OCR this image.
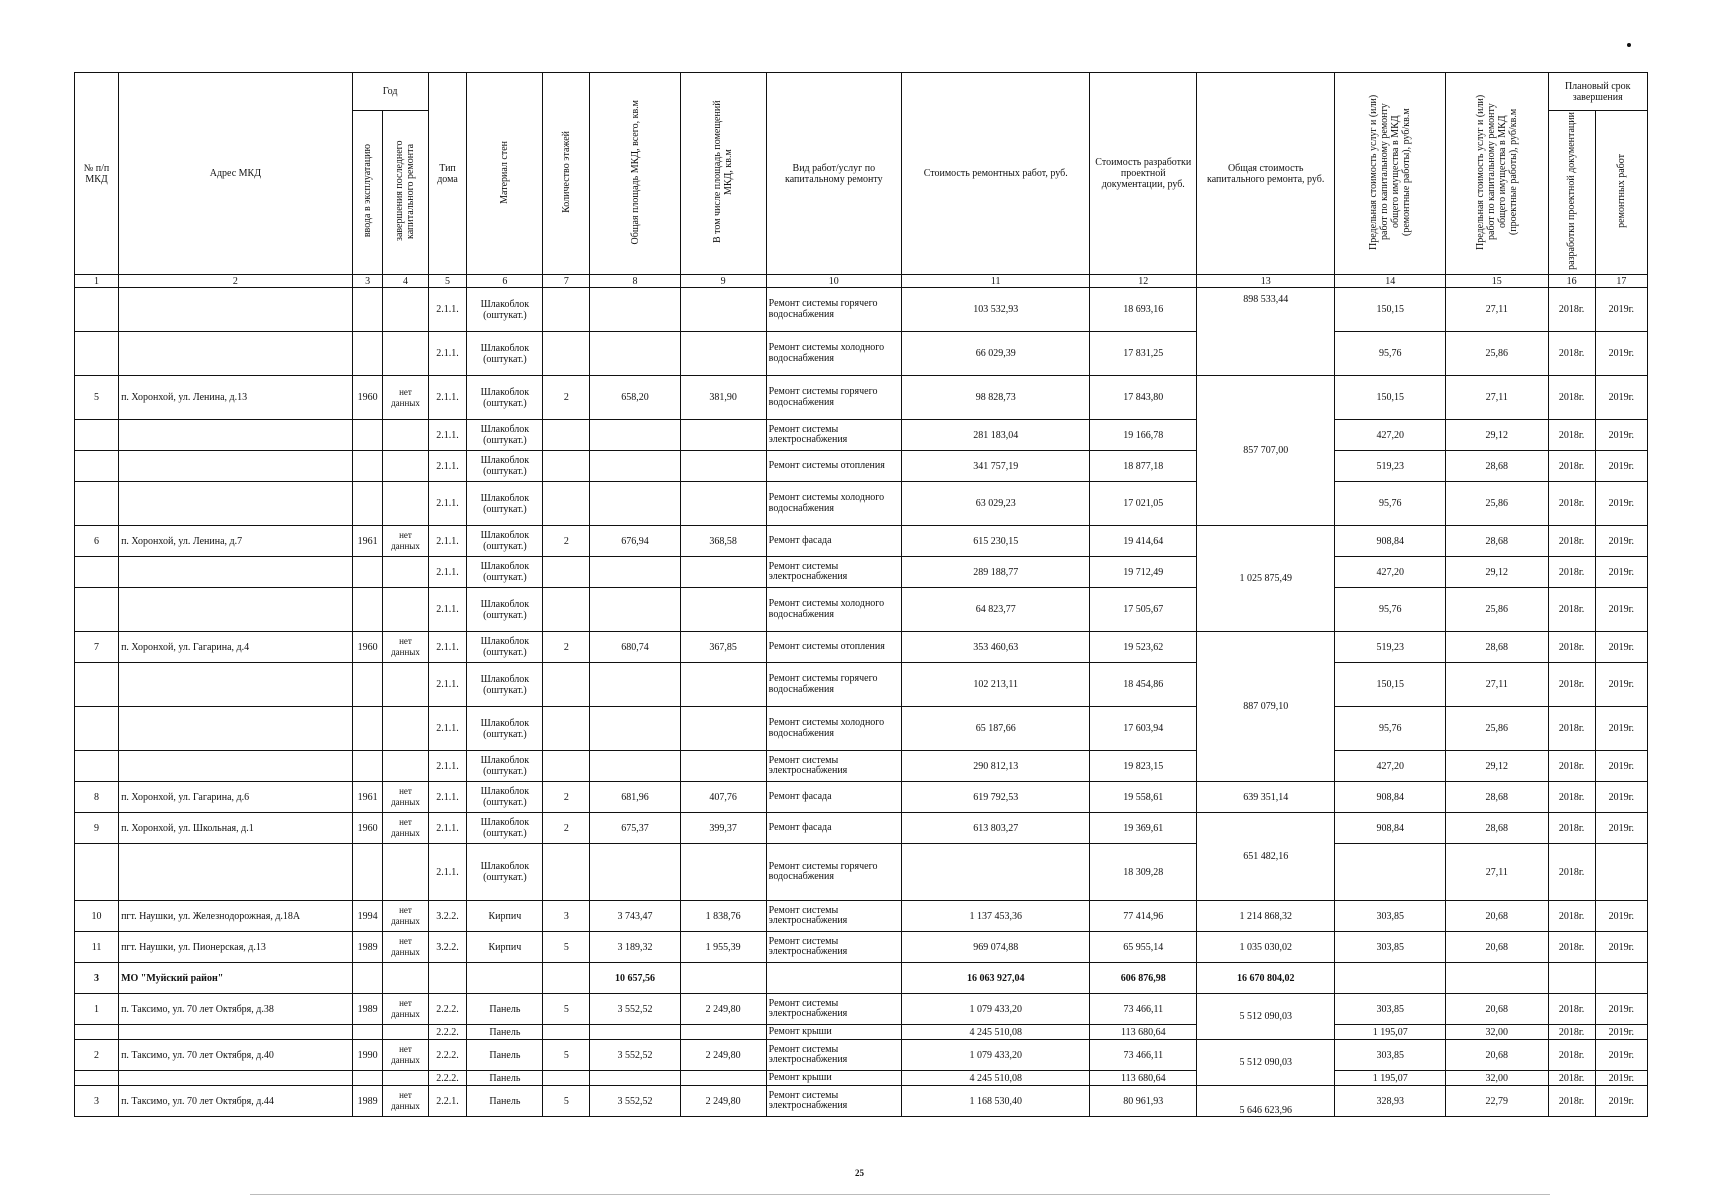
№ п/п МКД	Адрес МКД	Год		Тип дома	Материал стен	Количество этажей	Общая площадь МКД, всего, кв.м	В том числе площадь помещений МКД, кв.м	Вид работ/услуг по капитальному ремонту	Стоимость ремонтных работ, руб.	Стоимость разработки проектной документации, руб.	Общая стоимость капитального ремонта, руб.	Предельная стоимость услуг и (или) работ по капитальному ремонту общего имущества в МКД (ремонтные работы), руб/кв.м	Предельная стоимость услуг и (или) работ по капитальному ремонту общего имущества в МКД (проектные работы), руб/кв.м	Плановый срок завершения	
		ввода в эксплуатацию	завершения последнего капитального ремонта												разработки проектной документации	ремонтных работ
1	2	3	4	5	6	7	8	9	10	11	12	13	14	15	16	17
				2.1.1.	Шлакоблок (оштукат.)				Ремонт системы горячего водоснабжения	103 532,93	18 693,16	898 533,44	150,15	27,11	2018г.	2019г.
				2.1.1.	Шлакоблок (оштукат.)				Ремонт системы холодного водоснабжения	66 029,39	17 831,25		95,76	25,86	2018г.	2019г.
5	п. Хоронхой, ул. Ленина, д.13	1960	нет данных	2.1.1.	Шлакоблок (оштукат.)	2	658,20	381,90	Ремонт системы горячего водоснабжения	98 828,73	17 843,80	857 707,00	150,15	27,11	2018г.	2019г.
				2.1.1.	Шлакоблок (оштукат.)				Ремонт системы электроснабжения	281 183,04	19 166,78		427,20	29,12	2018г.	2019г.
				2.1.1.	Шлакоблок (оштукат.)				Ремонт системы отопления	341 757,19	18 877,18		519,23	28,68	2018г.	2019г.
				2.1.1.	Шлакоблок (оштукат.)				Ремонт системы холодного водоснабжения	63 029,23	17 021,05		95,76	25,86	2018г.	2019г.
6	п. Хоронхой, ул. Ленина, д.7	1961	нет данных	2.1.1.	Шлакоблок (оштукат.)	2	676,94	368,58	Ремонт фасада	615 230,15	19 414,64	1 025 875,49	908,84	28,68	2018г.	2019г.
				2.1.1.	Шлакоблок (оштукат.)				Ремонт системы электроснабжения	289 188,77	19 712,49		427,20	29,12	2018г.	2019г.
				2.1.1.	Шлакоблок (оштукат.)				Ремонт системы холодного водоснабжения	64 823,77	17 505,67		95,76	25,86	2018г.	2019г.
7	п. Хоронхой, ул. Гагарина, д.4	1960	нет данных	2.1.1.	Шлакоблок (оштукат.)	2	680,74	367,85	Ремонт системы отопления	353 460,63	19 523,62	887 079,10	519,23	28,68	2018г.	2019г.
				2.1.1.	Шлакоблок (оштукат.)				Ремонт системы горячего водоснабжения	102 213,11	18 454,86		150,15	27,11	2018г.	2019г.
				2.1.1.	Шлакоблок (оштукат.)				Ремонт системы холодного водоснабжения	65 187,66	17 603,94		95,76	25,86	2018г.	2019г.
				2.1.1.	Шлакоблок (оштукат.)				Ремонт системы электроснабжения	290 812,13	19 823,15		427,20	29,12	2018г.	2019г.
8	п. Хоронхой, ул. Гагарина, д.6	1961	нет данных	2.1.1.	Шлакоблок (оштукат.)	2	681,96	407,76	Ремонт фасада	619 792,53	19 558,61	639 351,14	908,84	28,68	2018г.	2019г.
9	п. Хоронхой, ул. Школьная, д.1	1960	нет данных	2.1.1.	Шлакоблок (оштукат.)	2	675,37	399,37	Ремонт фасада	613 803,27	19 369,61	651 482,16	908,84	28,68	2018г.	2019г.
				2.1.1.	Шлакоблок (оштукат.)				Ремонт системы горячего водоснабжения		18 309,28			27,11	2018г.	
10	пгт. Наушки, ул. Железнодорожная, д.18А	1994	нет данных	3.2.2.	Кирпич	3	3 743,47	1 838,76	Ремонт системы электроснабжения	1 137 453,36	77 414,96	1 214 868,32	303,85	20,68	2018г.	2019г.
11	пгт. Наушки, ул. Пионерская, д.13	1989	нет данных	3.2.2.	Кирпич	5	3 189,32	1 955,39	Ремонт системы электроснабжения	969 074,88	65 955,14	1 035 030,02	303,85	20,68	2018г.	2019г.
3	МО "Муйский район"						10 657,56			16 063 927,04	606 876,98	16 670 804,02				
1	п. Таксимо, ул. 70 лет Октября, д.38	1989	нет данных	2.2.2.	Панель	5	3 552,52	2 249,80	Ремонт системы электроснабжения	1 079 433,20	73 466,11	5 512 090,03	303,85	20,68	2018г.	2019г.
				2.2.2.	Панель				Ремонт крыши	4 245 510,08	113 680,64		1 195,07	32,00	2018г.	2019г.
2	п. Таксимо, ул. 70 лет Октября, д.40	1990	нет данных	2.2.2.	Панель	5	3 552,52	2 249,80	Ремонт системы электроснабжения	1 079 433,20	73 466,11	5 512 090,03	303,85	20,68	2018г.	2019г.
				2.2.2.	Панель				Ремонт крыши	4 245 510,08	113 680,64		1 195,07	32,00	2018г.	2019г.
3	п. Таксимо, ул. 70 лет Октября, д.44	1989	нет данных	2.2.1.	Панель	5	3 552,52	2 249,80	Ремонт системы электроснабжения	1 168 530,40	80 961,93	5 646 623,96	328,93	22,79	2018г.	2019г.
25
